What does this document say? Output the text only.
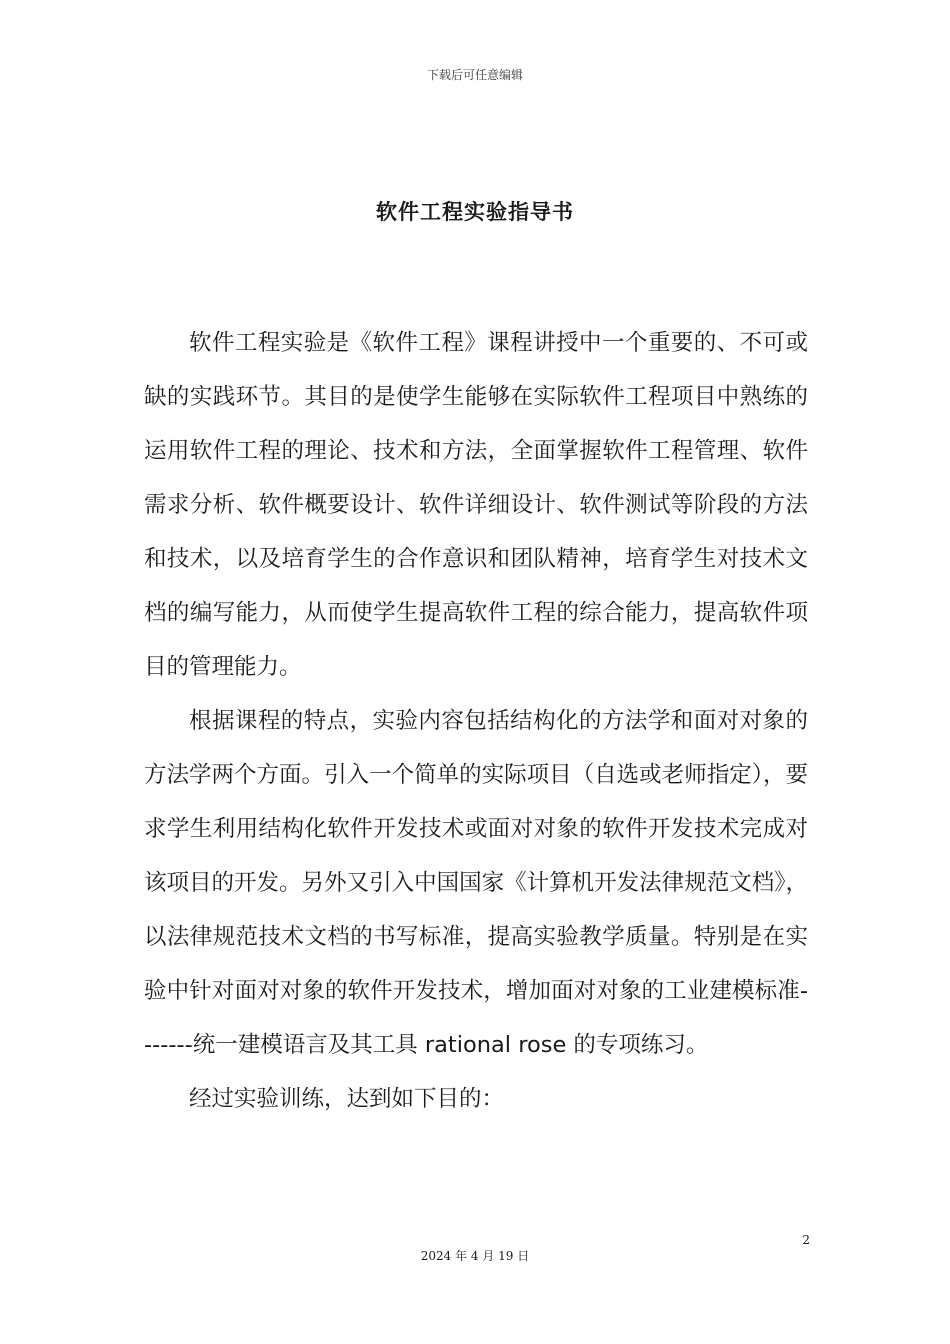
下载后可任意编辑
软件工程实验指导书

软件工程实验是《软件工程》课程讲授中一个重要的、不可或缺的实践环节。其目的是使学生能够在实际软件工程项目中熟练的运用软件工程的理论、技术和方法，全面掌握软件工程管理、软件需求分析、软件概要设计、软件详细设计、软件测试等阶段的方法和技术，以及培育学生的合作意识和团队精神，培育学生对技术文档的编写能力，从而使学生提高软件工程的综合能力，提高软件项目的管理能力。

根据课程的特点，实验内容包括结构化的方法学和面对对象的方法学两个方面。引入一个简单的实际项目（自选或老师指定），要求学生利用结构化软件开发技术或面对对象的软件开发技术完成对该项目的开发。另外又引入中国国家《计算机开发法律规范文档》，以法律规范技术文档的书写标准，提高实验教学质量。特别是在实验中针对面对对象的软件开发技术，增加面对对象的工业建模标准-------统一建模语言及其工具 rational rose 的专项练习。

经过实验训练，达到如下目的：

2
2024 年 4 月 19 日
